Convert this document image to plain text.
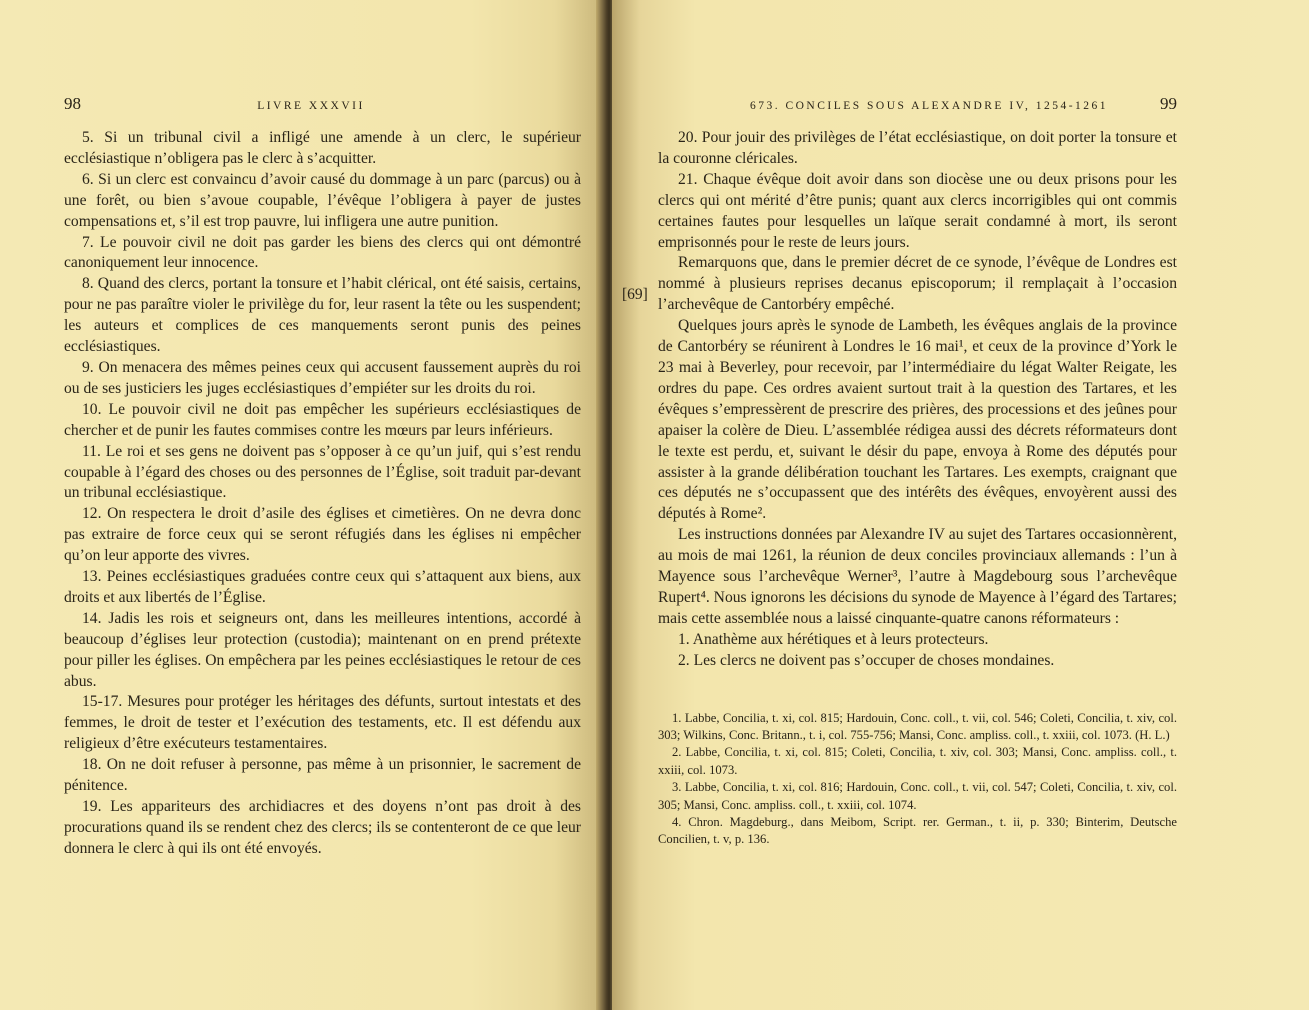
98	LIVRE XXXVII

5. Si un tribunal civil a infligé une amende à un clerc, le supérieur ecclésiastique n’obligera pas le clerc à s’acquitter.

6. Si un clerc est convaincu d’avoir causé du dommage à un parc (parcus) ou à une forêt, ou bien s’avoue coupable, l’évêque l’obligera à payer de justes compensations et, s’il est trop pauvre, lui infligera une autre punition.

7. Le pouvoir civil ne doit pas garder les biens des clercs qui ont démontré canoniquement leur innocence.

8. Quand des clercs, portant la tonsure et l’habit clérical, ont été saisis, certains, pour ne pas paraître violer le privilège du for, leur rasent la tête ou les suspendent; les auteurs et complices de ces manquements seront punis des peines ecclésiastiques.

9. On menacera des mêmes peines ceux qui accusent faussement auprès du roi ou de ses justiciers les juges ecclésiastiques d’empiéter sur les droits du roi.

10. Le pouvoir civil ne doit pas empêcher les supérieurs ecclésiastiques de chercher et de punir les fautes commises contre les mœurs par leurs inférieurs.

11. Le roi et ses gens ne doivent pas s’opposer à ce qu’un juif, qui s’est rendu coupable à l’égard des choses ou des personnes de l’Église, soit traduit par-devant un tribunal ecclésiastique.

12. On respectera le droit d’asile des églises et cimetières. On ne devra donc pas extraire de force ceux qui se seront réfugiés dans les églises ni empêcher qu’on leur apporte des vivres.

13. Peines ecclésiastiques graduées contre ceux qui s’attaquent aux biens, aux droits et aux libertés de l’Église.

14. Jadis les rois et seigneurs ont, dans les meilleures intentions, accordé à beaucoup d’églises leur protection (custodia); maintenant on en prend prétexte pour piller les églises. On empêchera par les peines ecclésiastiques le retour de ces abus.

15-17. Mesures pour protéger les héritages des défunts, surtout intestats et des femmes, le droit de tester et l’exécution des testaments, etc. Il est défendu aux religieux d’être exécuteurs testamentaires.

18. On ne doit refuser à personne, pas même à un prisonnier, le sacrement de pénitence.

19. Les appariteurs des archidiacres et des doyens n’ont pas droit à des procurations quand ils se rendent chez des clercs; ils se contenteront de ce que leur donnera le clerc à qui ils ont été envoyés.

673. CONCILES SOUS ALEXANDRE IV, 1254-1261	99

20. Pour jouir des privilèges de l’état ecclésiastique, on doit porter la tonsure et la couronne cléricales.

21. Chaque évêque doit avoir dans son diocèse une ou deux prisons pour les clercs qui ont mérité d’être punis; quant aux clercs incorrigibles qui ont commis certaines fautes pour lesquelles un laïque serait condamné à mort, ils seront emprisonnés pour le reste de leurs jours.

Remarquons que, dans le premier décret de ce synode, l’évêque de Londres est nommé à plusieurs reprises decanus episcoporum; il remplaçait à l’occasion l’archevêque de Cantorbéry empêché.

Quelques jours après le synode de Lambeth, les évêques anglais de la province de Cantorbéry se réunirent à Londres le 16 mai¹, et ceux de la province d’York le 23 mai à Beverley, pour recevoir, par l’intermédiaire du légat Walter Reigate, les ordres du pape. Ces ordres avaient surtout trait à la question des Tartares, et les évêques s’empressèrent de prescrire des prières, des processions et des jeûnes pour apaiser la colère de Dieu. L’assemblée rédigea aussi des décrets réformateurs dont le texte est perdu, et, suivant le désir du pape, envoya à Rome des députés pour assister à la grande délibération touchant les Tartares. Les exempts, craignant que ces députés ne s’occupassent que des intérêts des évêques, envoyèrent aussi des députés à Rome².

Les instructions données par Alexandre IV au sujet des Tartares occasionnèrent, au mois de mai 1261, la réunion de deux conciles provinciaux allemands : l’un à Mayence sous l’archevêque Werner³, l’autre à Magdebourg sous l’archevêque Rupert⁴. Nous ignorons les décisions du synode de Mayence à l’égard des Tartares; mais cette assemblée nous a laissé cinquante-quatre canons réformateurs :

1. Anathème aux hérétiques et à leurs protecteurs.

2. Les clercs ne doivent pas s’occuper de choses mondaines.

1. Labbe, Concilia, t. xi, col. 815; Hardouin, Conc. coll., t. vii, col. 546; Coleti, Concilia, t. xiv, col. 303; Wilkins, Conc. Britann., t. i, col. 755-756; Mansi, Conc. ampliss. coll., t. xxiii, col. 1073. (H. L.)

2. Labbe, Concilia, t. xi, col. 815; Coleti, Concilia, t. xiv, col. 303; Mansi, Conc. ampliss. coll., t. xxiii, col. 1073.

3. Labbe, Concilia, t. xi, col. 816; Hardouin, Conc. coll., t. vii, col. 547; Coleti, Concilia, t. xiv, col. 305; Mansi, Conc. ampliss. coll., t. xxiii, col. 1074.

4. Chron. Magdeburg., dans Meibom, Script. rer. German., t. ii, p. 330; Binterim, Deutsche Concilien, t. v, p. 136.

[69]
